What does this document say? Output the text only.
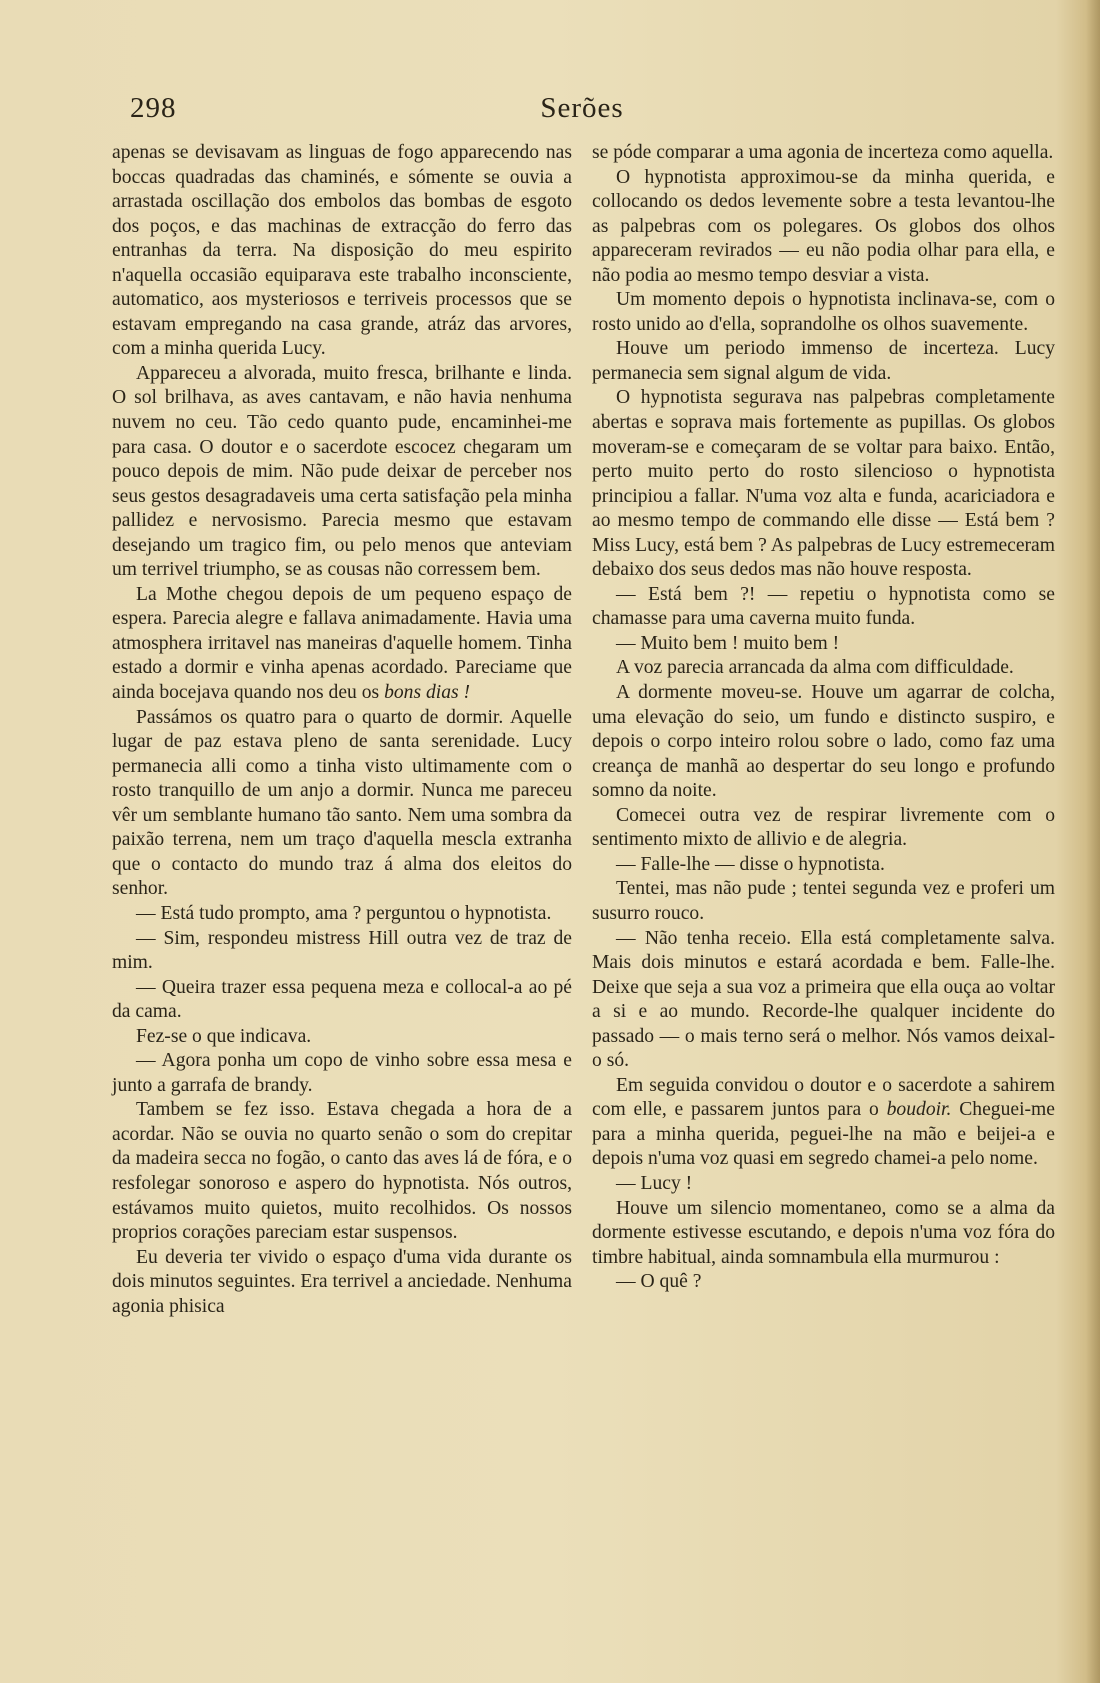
298	Serões

apenas se devisavam as linguas de fogo apparecendo nas boccas quadradas das chaminés, e sómente se ouvia a arrastada oscillação dos embolos das bombas de esgoto dos poços, e das machinas de extracção do ferro das entranhas da terra. Na disposição do meu espirito n'aquella occasião equiparava este trabalho inconsciente, automatico, aos mysteriosos e terriveis processos que se estavam empregando na casa grande, atráz das arvores, com a minha querida Lucy.

Appareceu a alvorada, muito fresca, brilhante e linda. O sol brilhava, as aves cantavam, e não havia nenhuma nuvem no ceu. Tão cedo quanto pude, encaminhei-me para casa. O doutor e o sacerdote escocez chegaram um pouco depois de mim. Não pude deixar de perceber nos seus gestos desagradaveis uma certa satisfação pela minha pallidez e nervosismo. Parecia mesmo que estavam desejando um tragico fim, ou pelo menos que anteviam um terrivel triumpho, se as cousas não corressem bem.

La Mothe chegou depois de um pequeno espaço de espera. Parecia alegre e fallava animadamente. Havia uma atmosphera irritavel nas maneiras d'aquelle homem. Tinha estado a dormir e vinha apenas acordado. Pareciame que ainda bocejava quando nos deu os bons dias !

Passámos os quatro para o quarto de dormir. Aquelle lugar de paz estava pleno de santa serenidade. Lucy permanecia alli como a tinha visto ultimamente com o rosto tranquillo de um anjo a dormir. Nunca me pareceu vêr um semblante humano tão santo. Nem uma sombra da paixão terrena, nem um traço d'aquella mescla extranha que o contacto do mundo traz á alma dos eleitos do senhor.

— Está tudo prompto, ama ? perguntou o hypnotista.

— Sim, respondeu mistress Hill outra vez de traz de mim.

— Queira trazer essa pequena meza e collocal-a ao pé da cama.

Fez-se o que indicava.

— Agora ponha um copo de vinho sobre essa mesa e junto a garrafa de brandy.

Tambem se fez isso. Estava chegada a hora de a acordar. Não se ouvia no quarto senão o som do crepitar da madeira secca no fogão, o canto das aves lá de fóra, e o resfolegar sonoroso e aspero do hypnotista. Nós outros, estávamos muito quietos, muito recolhidos. Os nossos proprios corações pareciam estar suspensos.

Eu deveria ter vivido o espaço d'uma vida durante os dois minutos seguintes. Era terrivel a anciedade. Nenhuma agonia phisica

se póde comparar a uma agonia de incerteza como aquella.

O hypnotista approximou-se da minha querida, e collocando os dedos levemente sobre a testa levantou-lhe as palpebras com os polegares. Os globos dos olhos appareceram revirados — eu não podia olhar para ella, e não podia ao mesmo tempo desviar a vista.

Um momento depois o hypnotista inclinava-se, com o rosto unido ao d'ella, soprandolhe os olhos suavemente.

Houve um periodo immenso de incerteza. Lucy permanecia sem signal algum de vida.

O hypnotista segurava nas palpebras completamente abertas e soprava mais fortemente as pupillas. Os globos moveram-se e começaram de se voltar para baixo. Então, perto muito perto do rosto silencioso o hypnotista principiou a fallar. N'uma voz alta e funda, acariciadora e ao mesmo tempo de commando elle disse — Está bem ? Miss Lucy, está bem ? As palpebras de Lucy estremeceram debaixo dos seus dedos mas não houve resposta.

— Está bem ?! — repetiu o hypnotista como se chamasse para uma caverna muito funda.

— Muito bem ! muito bem !

A voz parecia arrancada da alma com difficuldade.

A dormente moveu-se. Houve um agarrar de colcha, uma elevação do seio, um fundo e distincto suspiro, e depois o corpo inteiro rolou sobre o lado, como faz uma creança de manhã ao despertar do seu longo e profundo somno da noite.

Comecei outra vez de respirar livremente com o sentimento mixto de allivio e de alegria.

— Falle-lhe — disse o hypnotista.

Tentei, mas não pude ; tentei segunda vez e proferi um susurro rouco.

— Não tenha receio. Ella está completamente salva. Mais dois minutos e estará acordada e bem. Falle-lhe. Deixe que seja a sua voz a primeira que ella ouça ao voltar a si e ao mundo. Recorde-lhe qualquer incidente do passado — o mais terno será o melhor. Nós vamos deixal-o só.

Em seguida convidou o doutor e o sacerdote a sahirem com elle, e passarem juntos para o boudoir. Cheguei-me para a minha querida, peguei-lhe na mão e beijei-a e depois n'uma voz quasi em segredo chamei-a pelo nome.

— Lucy !

Houve um silencio momentaneo, como se a alma da dormente estivesse escutando, e depois n'uma voz fóra do timbre habitual, ainda somnambula ella murmurou :

— O quê ?
